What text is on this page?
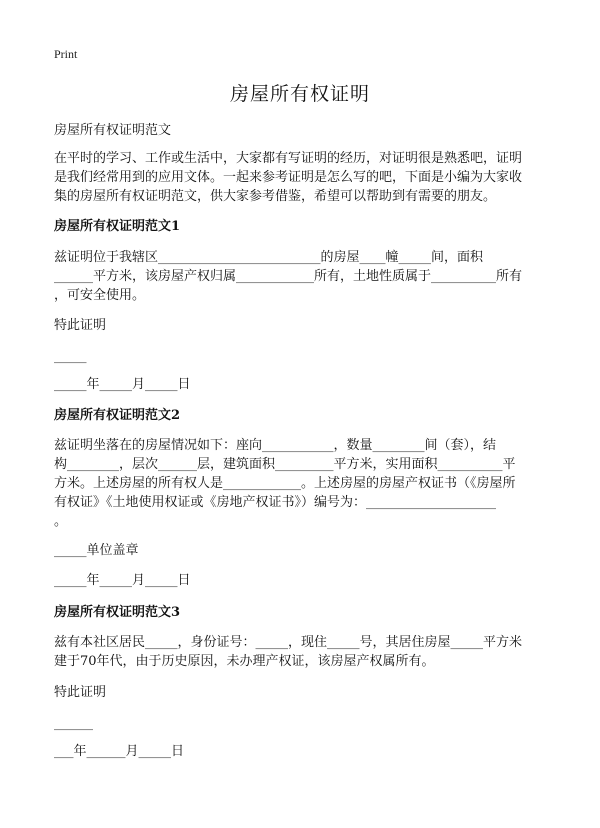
Print
房屋所有权证明
房屋所有权证明范文
在平时的学习、工作或生活中，大家都有写证明的经历，对证明很是熟悉吧，证明
是我们经常用到的应用文体。一起来参考证明是怎么写的吧，下面是小编为大家收
集的房屋所有权证明范文，供大家参考借鉴，希望可以帮助到有需要的朋友。
房屋所有权证明范文1
兹证明位于我辖区_________________________的房屋____幢_____间，面积
______平方米，该房屋产权归属____________所有，土地性质属于__________所有
，可安全使用。
特此证明
_____
_____年_____月_____日
房屋所有权证明范文2
兹证明坐落在的房屋情况如下：座向___________，数量________间（套），结
构________，层次______层，建筑面积_________平方米，实用面积__________平
方米。上述房屋的所有权人是____________。上述房屋的房屋产权证书（《房屋所
有权证》《土地使用权证或《房地产权证书》）编号为：____________________
。
_____单位盖章
_____年_____月_____日
房屋所有权证明范文3
兹有本社区居民_____，身份证号：_____，现住_____号，其居住房屋_____平方米
建于70年代，由于历史原因，未办理产权证，该房屋产权属所有。
特此证明
______
___年______月_____日
